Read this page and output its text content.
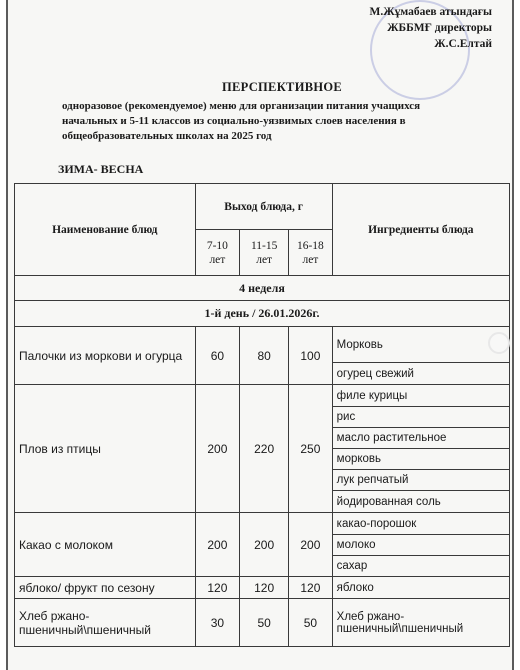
М.Жұмабаев атындағы
ЖББМҒ директоры
Ж.С.Елтай
ПЕРСПЕКТИВНОЕ
одноразовое (рекомендуемое) меню для организации питания учащихся
начальных и 5-11 классов из социально-уязвимых слоев населения в
общеобразовательных школах на 2025 год
ЗИМА- ВЕСНА
Наименование блюд	Выход блюда, г			Ингредиенты блюда
	7-10 лет	11-15 лет	16-18 лет	
4 неделя				
1-й день / 26.01.2026г.				
Палочки из моркови и огурца	60	80	100	Морковь
				огурец свежий
Плов из птицы	200	220	250	филе курицы
				рис
				масло растительное
				морковь
				лук репчатый
				йодированная соль
Какао с молоком	200	200	200	какао-порошок
				молоко
				сахар
яблоко/ фрукт по сезону	120	120	120	яблоко
Хлеб ржано-пшеничный\пшеничный	30	50	50	Хлеб ржано-пшеничный\пшеничный
